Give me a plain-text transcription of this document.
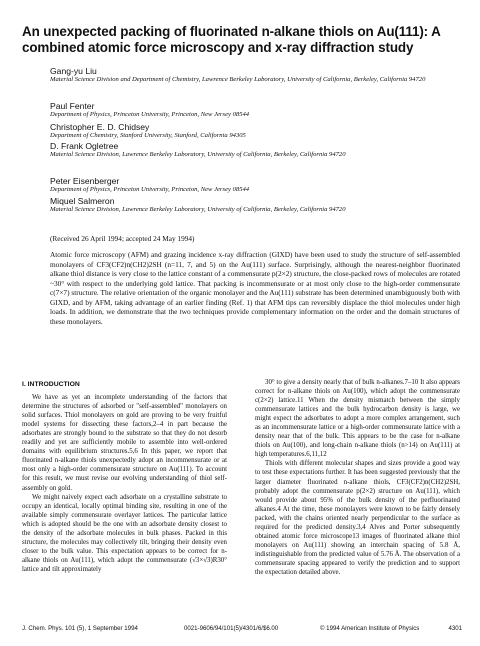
An unexpected packing of fluorinated n-alkane thiols on Au(111): A combined atomic force microscopy and x-ray diffraction study
Gang-yu Liu
Material Science Division and Department of Chemistry, Lawrence Berkeley Laboratory, University of California, Berkeley, California 94720
Paul Fenter
Department of Physics, Princeton University, Princeton, New Jersey 08544
Christopher E. D. Chidsey
Department of Chemistry, Stanford University, Stanford, California 94305
D. Frank Ogletree
Material Science Division, Lawrence Berkeley Laboratory, University of California, Berkeley, California 94720
Peter Eisenberger
Department of Physics, Princeton University, Princeton, New Jersey 08544
Miquel Salmeron
Material Science Division, Lawrence Berkeley Laboratory, University of California, Berkeley, California 94720
(Received 26 April 1994; accepted 24 May 1994)
Atomic force microscopy (AFM) and grazing incidence x-ray diffraction (GIXD) have been used to study the structure of self-assembled monolayers of CF3(CF2)n(CH2)2SH (n=11, 7, and 5) on the Au(111) surface. Surprisingly, although the nearest-neighbor fluorinated alkane thiol distance is very close to the lattice constant of a commensurate p(2×2) structure, the close-packed rows of molecules are rotated ~30° with respect to the underlying gold lattice. That packing is incommensurate or at most only close to the high-order commensurate c(7×7) structure. The relative orientation of the organic monolayer and the Au(111) substrate has been determined unambiguously both with GIXD, and by AFM, taking advantage of an earlier finding (Ref. 1) that AFM tips can reversibly displace the thiol molecules under high loads. In addition, we demonstrate that the two techniques provide complementary information on the order and the domain structures of these monolayers.
I. INTRODUCTION

We have as yet an incomplete understanding of the factors that determine the structures of adsorbed or "self-assembled" monolayers on solid surfaces. Thiol monolayers on gold are proving to be very fruitful model systems for dissecting these factors,2–4 in part because the adsorbates are strongly bound to the substrate so that they do not desorb readily and yet are sufficiently mobile to assemble into well-ordered domains with equilibrium structures.5,6 In this paper, we report that fluorinated n-alkane thiols unexpectedly adopt an incommensurate or at most only a high-order commensurate structure on Au(111). To account for this result, we must revise our evolving understanding of thiol self-assembly on gold.

We might naively expect each adsorbate on a crystalline substrate to occupy an identical, locally optimal binding site, resulting in one of the available simply commensurate overlayer lattices. The particular lattice which is adopted should be the one with an adsorbate density closest to the density of the adsorbate molecules in bulk phases. Packed in this structure, the molecules may collectively tilt, bringing their density even closer to the bulk value. This expectation appears to be correct for n-alkane thiols on Au(111), which adopt the commensurate (√3×√3)R30° lattice and tilt approximately

30° to give a density nearly that of bulk n-alkanes.7–10 It also appears correct for n-alkane thiols on Au(100), which adopt the commensurate c(2×2) lattice.11 When the density mismatch between the simply commensurate lattices and the bulk hydrocarbon density is large, we might expect the adsorbates to adopt a more complex arrangement, such as an incommensurate lattice or a high-order commensurate lattice with a density near that of the bulk. This appears to be the case for n-alkane thiols on Au(100), and long-chain n-alkane thiols (n>14) on Au(111) at high temperatures.6,11,12

Thiols with different molecular shapes and sizes provide a good way to test these expectations further. It has been suggested previously that the larger diameter fluorinated n-alkane thiols, CF3(CF2)n(CH2)2SH, probably adopt the commensurate p(2×2) structure on Au(111), which would provide about 95% of the bulk density of the perfluorinated alkanes.4 At the time, these monolayers were known to be fairly densely packed, with the chains oriented nearly perpendicular to the surface as required for the predicted density.3,4 Alves and Porter subsequently obtained atomic force microscope13 images of fluorinated alkane thiol monolayers on Au(111) showing an interchain spacing of 5.8 Å, indistinguishable from the predicted value of 5.76 Å. The observation of a commensurate spacing appeared to verify the prediction and to support the expectation detailed above.

J. Chem. Phys. 101 (5), 1 September 1994	0021-9606/94/101(5)/4301/6/$6.00	© 1994 American Institute of Physics	4301
